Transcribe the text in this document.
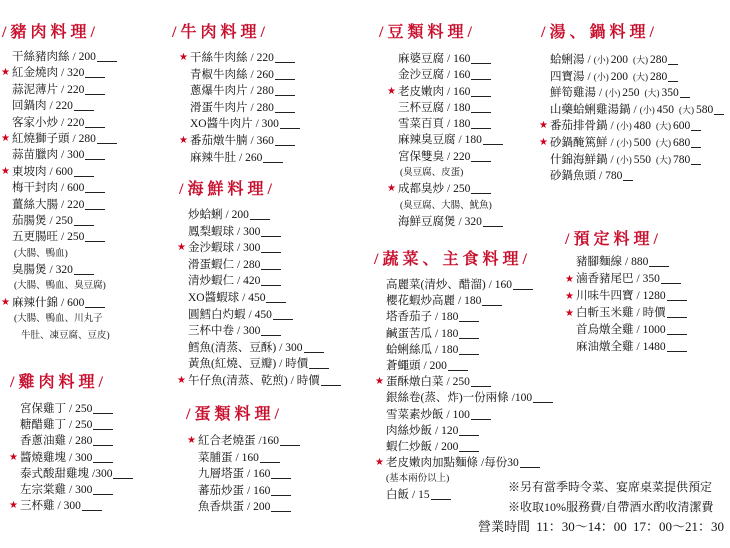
/豬肉料理/
干絲豬肉絲 / 200
★ 紅金燒肉 / 320
蒜泥薄片 / 220
回鍋肉 / 220
客家小炒 / 220
★ 紅燒獅子頭 / 280
蒜苗臘肉 / 300
★ 東坡肉 / 600
梅干封肉 / 600
薑絲大腸 / 220
茄腸煲 / 250
五更腸旺 / 250
(大腸、鴨血)
臭腸煲 / 320
(大腸、鴨血、臭豆腐)
★ 麻辣什錦 / 600
(大腸、鴨血、川丸子
牛肚、凍豆腐、豆皮)
/雞肉料理/
宮保雞丁 / 250
糖醋雞丁 / 250
香蔥油雞 / 280
★ 醬燒雞塊 / 300
泰式酸甜雞塊 /300
左宗棠雞 / 300
★ 三杯雞 / 300
/牛肉料理/
★ 干絲牛肉絲 / 220
青椒牛肉絲 / 260
蔥爆牛肉片 / 280
滑蛋牛肉片 / 280
XO醬牛肉片 / 300
★ 番茄燉牛腩 / 360
麻辣牛肚 / 260
/海鮮料理/
炒蛤蜊 / 200
鳳梨蝦球 / 300
★ 金沙蝦球 / 300
滑蛋蝦仁 / 280
清炒蝦仁 / 420
XO醬蝦球 / 450
圓鱈白灼蝦 / 450
三杯中卷 / 300
鱈魚(清蒸、豆酥) / 300
黃魚(紅燒、豆瓣) / 時價
★ 午仔魚(清蒸、乾煎) / 時價
/蛋類料理/
★ 紅合老燒蛋 /160
菜脯蛋 / 160
九層塔蛋 / 160
蕃茄炒蛋 / 160
魚香烘蛋 / 200
/豆類料理/
麻婆豆腐 / 160
金沙豆腐 / 160
★ 老皮嫩肉 / 160
三杯豆腐 / 180
雪菜百頁 / 180
麻辣臭豆腐 / 180
宮保雙臭 / 220
(臭豆腐、皮蛋)
★ 成都臭炒 / 250
(臭豆腐、大腸、魷魚)
海鮮豆腐煲 / 320
/蔬菜、主食料理/
高麗菜(清炒、醋溜) / 160
櫻花蝦炒高麗 / 180
塔香茄子 / 180
鹹蛋苦瓜 / 180
蛤蜊絲瓜 / 180
蒼蠅頭 / 200
★ 蛋酥燉白菜 / 250
銀絲卷(蒸、炸)一份兩條 /100
雪菜素炒飯 / 100
肉絲炒飯 / 120
蝦仁炒飯 / 200
★ 老皮嫩肉加點麵條 /每份30
(基本兩份以上)
白飯 / 15
/湯、鍋料理/
蛤蜊湯 / (小) 200 (大) 280
四寶湯 / (小) 200 (大) 280
鮮筍雞湯 / (小) 250 (大) 350
山藥蛤蜊雞湯鍋 / (小) 450 (大) 580
★ 番茄排骨鍋 / (小) 480 (大) 600
★ 砂鍋醃篤鮮 / (小) 500 (大) 680
什錦海鮮鍋 / (小) 550 (大) 780
砂鍋魚頭 / 780
/預定料理/
豬腳麵線 / 880
★ 滷香豬尾巴 / 350
★ 川味牛四寶 / 1280
★ 白斬玉米雞 / 時價
首烏燉全雞 / 1000
麻油燉全雞 / 1480
※另有當季時令菜、宴席桌菜提供預定
※收取10%服務費/自帶酒水酌收清潔費
營業時間 11：30～14：00 17：00～21：30
